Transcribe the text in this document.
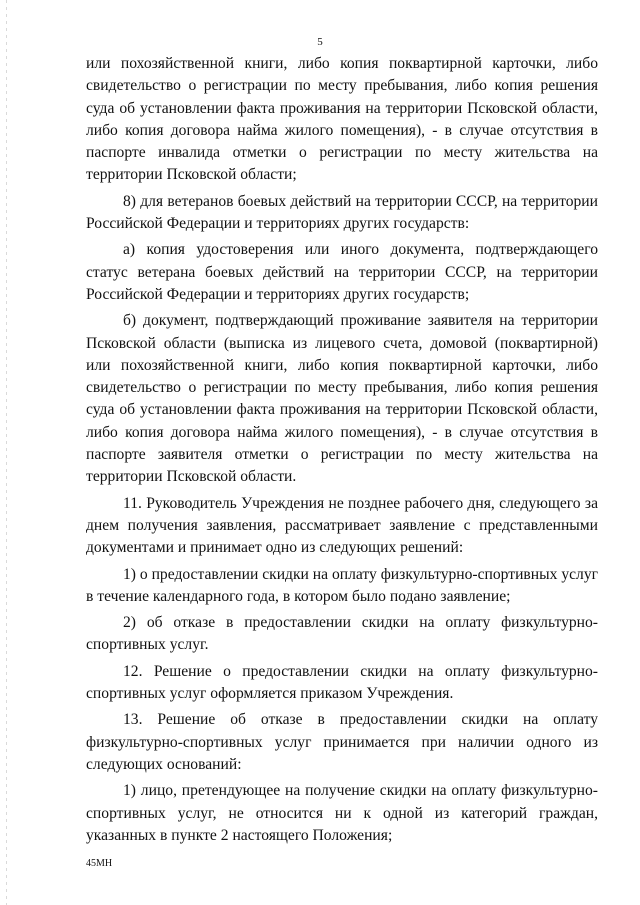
5

или похозяйственной книги, либо копия поквартирной карточки, либо свидетельство о регистрации по месту пребывания, либо копия решения суда об установлении факта проживания на территории Псковской области, либо копия договора найма жилого помещения), - в случае отсутствия в паспорте инвалида отметки о регистрации по месту жительства на территории Псковской области;

8) для ветеранов боевых действий на территории СССР, на территории Российской Федерации и территориях других государств:

а) копия удостоверения или иного документа, подтверждающего статус ветерана боевых действий на территории СССР, на территории Российской Федерации и территориях других государств;

б) документ, подтверждающий проживание заявителя на территории Псковской области (выписка из лицевого счета, домовой (поквартирной) или похозяйственной книги, либо копия поквартирной карточки, либо свидетельство о регистрации по месту пребывания, либо копия решения суда об установлении факта проживания на территории Псковской области, либо копия договора найма жилого помещения), - в случае отсутствия в паспорте заявителя отметки о регистрации по месту жительства на территории Псковской области.

11. Руководитель Учреждения не позднее рабочего дня, следующего за днем получения заявления, рассматривает заявление с представленными документами и принимает одно из следующих решений:

1) о предоставлении скидки на оплату физкультурно-спортивных услуг в течение календарного года, в котором было подано заявление;

2) об отказе в предоставлении скидки на оплату физкультурно-спортивных услуг.

12. Решение о предоставлении скидки на оплату физкультурно-спортивных услуг оформляется приказом Учреждения.

13. Решение об отказе в предоставлении скидки на оплату физкультурно-спортивных услуг принимается при наличии одного из следующих оснований:

1) лицо, претендующее на получение скидки на оплату физкультурно-спортивных услуг, не относится ни к одной из категорий граждан, указанных в пункте 2 настоящего Положения;

45МН
